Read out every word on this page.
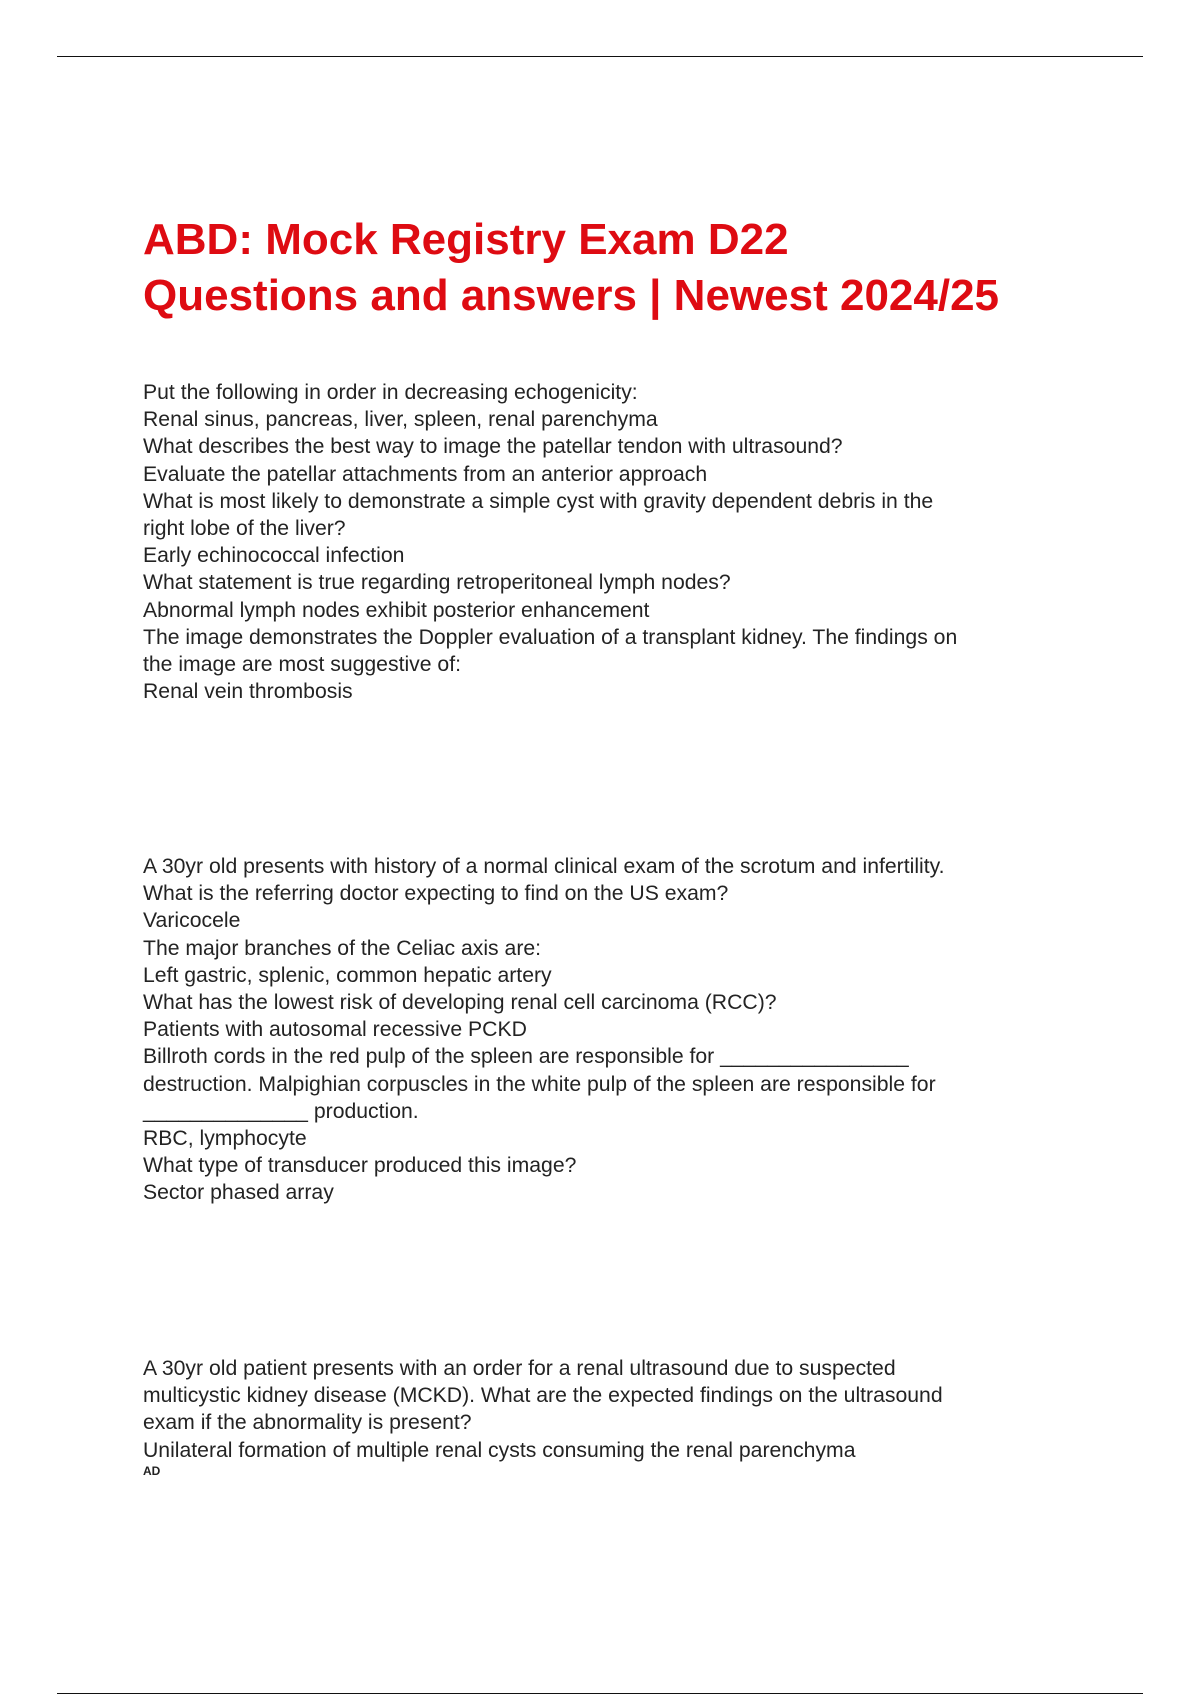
ABD: Mock Registry Exam D22
Questions and answers | Newest 2024/25
Put the following in order in decreasing echogenicity:
Renal sinus, pancreas, liver, spleen, renal parenchyma
What describes the best way to image the patellar tendon with ultrasound?
Evaluate the patellar attachments from an anterior approach
What is most likely to demonstrate a simple cyst with gravity dependent debris in the
right lobe of the liver?
Early echinococcal infection
What statement is true regarding retroperitoneal lymph nodes?
Abnormal lymph nodes exhibit posterior enhancement
The image demonstrates the Doppler evaluation of a transplant kidney. The findings on
the image are most suggestive of:
Renal vein thrombosis
A 30yr old presents with history of a normal clinical exam of the scrotum and infertility.
What is the referring doctor expecting to find on the US exam?
Varicocele
The major branches of the Celiac axis are:
Left gastric, splenic, common hepatic artery
What has the lowest risk of developing renal cell carcinoma (RCC)?
Patients with autosomal recessive PCKD
Billroth cords in the red pulp of the spleen are responsible for ________________
destruction. Malpighian corpuscles in the white pulp of the spleen are responsible for
______________ production.
RBC, lymphocyte
What type of transducer produced this image?
Sector phased array
A 30yr old patient presents with an order for a renal ultrasound due to suspected
multicystic kidney disease (MCKD). What are the expected findings on the ultrasound
exam if the abnormality is present?
Unilateral formation of multiple renal cysts consuming the renal parenchyma
AD
